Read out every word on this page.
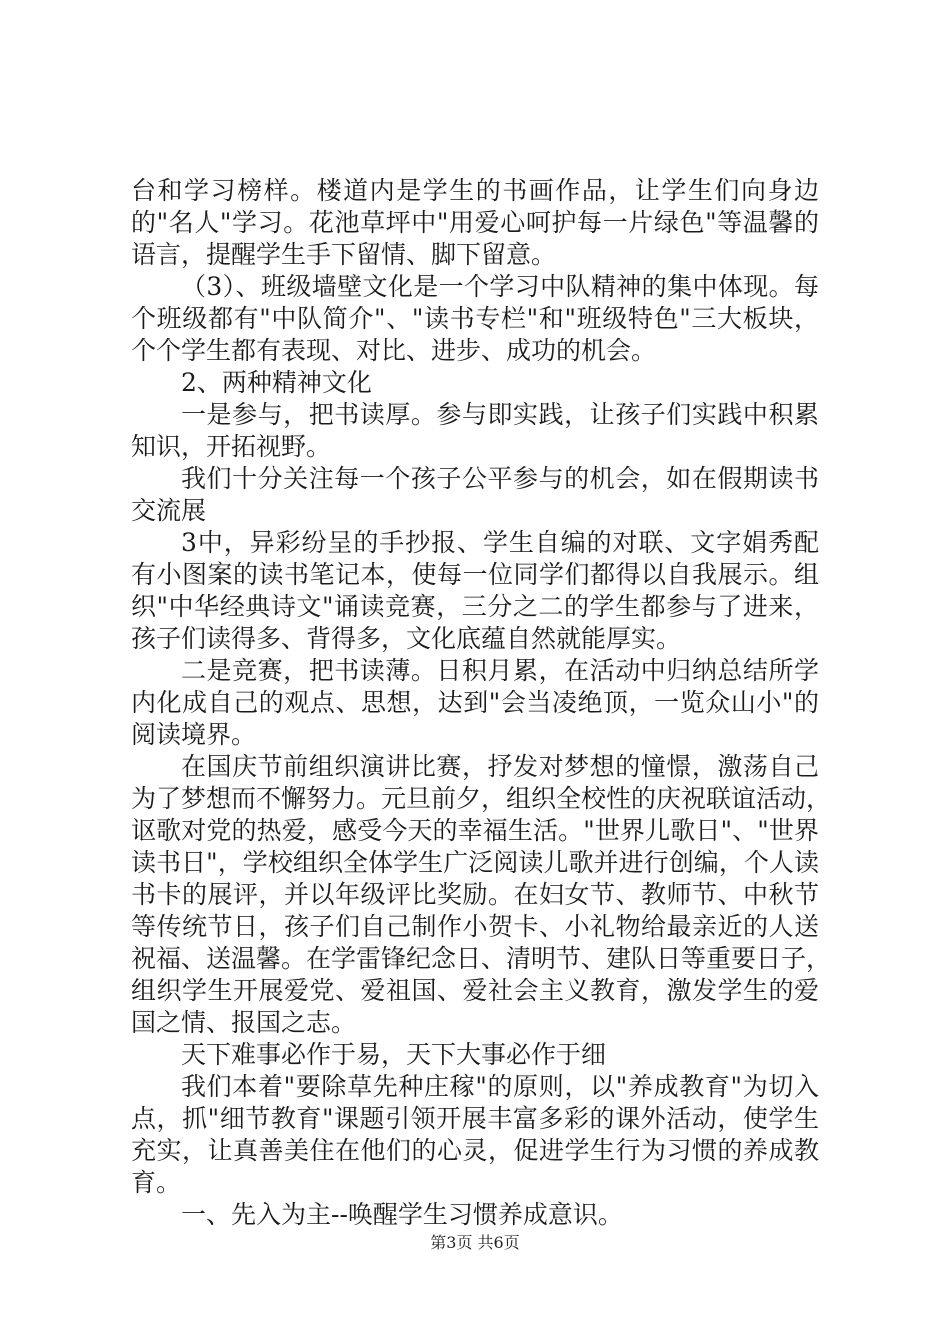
台和学习榜样。楼道内是学生的书画作品，让学生们向身边
的"名人"学习。花池草坪中"用爱心呵护每一片绿色"等温馨的
语言，提醒学生手下留情、脚下留意。
（3）、班级墙壁文化是一个学习中队精神的集中体现。每
个班级都有"中队简介"、"读书专栏"和"班级特色"三大板块，
个个学生都有表现、对比、进步、成功的机会。
2、两种精神文化
一是参与，把书读厚。参与即实践，让孩子们实践中积累
知识，开拓视野。
我们十分关注每一个孩子公平参与的机会，如在假期读书
交流展
3中，异彩纷呈的手抄报、学生自编的对联、文字娟秀配
有小图案的读书笔记本，使每一位同学们都得以自我展示。组
织"中华经典诗文"诵读竞赛，三分之二的学生都参与了进来，
孩子们读得多、背得多，文化底蕴自然就能厚实。
二是竞赛，把书读薄。日积月累，在活动中归纳总结所学
内化成自己的观点、思想，达到"会当凌绝顶，一览众山小"的
阅读境界。
在国庆节前组织演讲比赛，抒发对梦想的憧憬，激荡自己
为了梦想而不懈努力。元旦前夕，组织全校性的庆祝联谊活动，
讴歌对党的热爱，感受今天的幸福生活。"世界儿歌日"、"世界
读书日"，学校组织全体学生广泛阅读儿歌并进行创编，个人读
书卡的展评，并以年级评比奖励。在妇女节、教师节、中秋节
等传统节日，孩子们自己制作小贺卡、小礼物给最亲近的人送
祝福、送温馨。在学雷锋纪念日、清明节、建队日等重要日子，
组织学生开展爱党、爱祖国、爱社会主义教育，激发学生的爱
国之情、报国之志。
天下难事必作于易，天下大事必作于细
我们本着"要除草先种庄稼"的原则，以"养成教育"为切入
点，抓"细节教育"课题引领开展丰富多彩的课外活动，使学生
充实，让真善美住在他们的心灵，促进学生行为习惯的养成教
育。
一、先入为主--唤醒学生习惯养成意识。
第3页 共6页
